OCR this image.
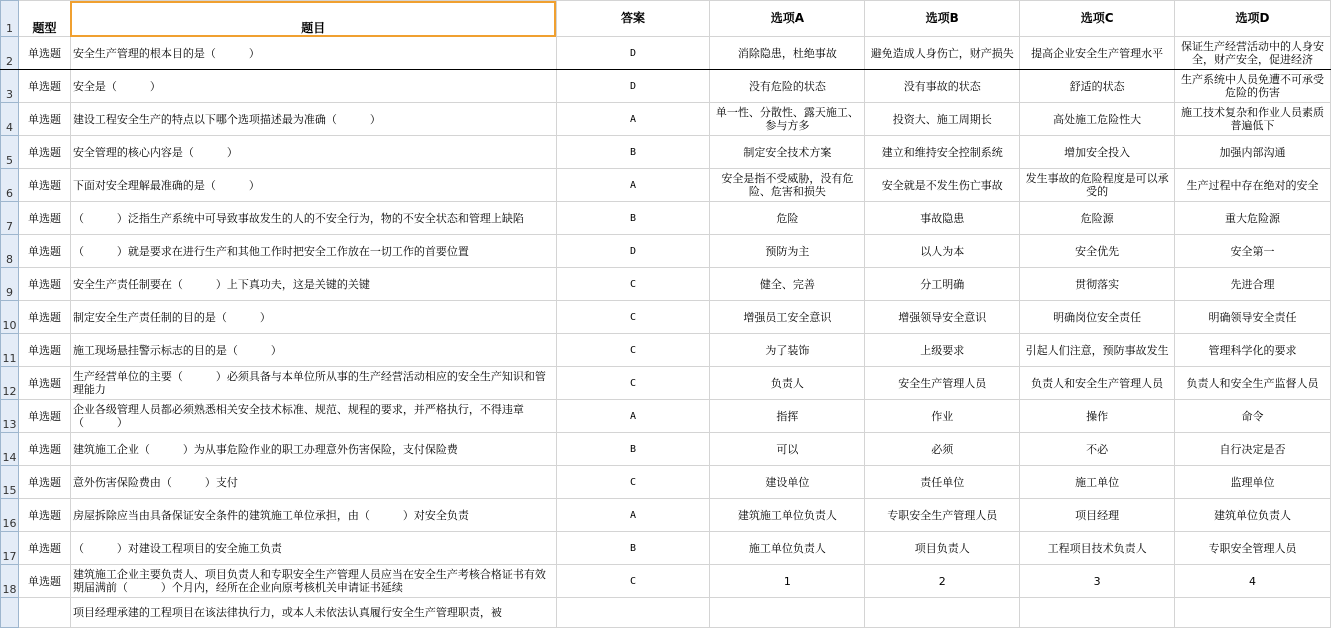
1	题型	题目	答案	选项A	选项B	选项C	选项D
2	单选题	安全生产管理的根本目的是（　　　）	D	消除隐患，杜绝事故	避免造成人身伤亡，财产损失	提高企业安全生产管理水平	保证生产经营活动中的人身安全，财产安全，促进经济
3	单选题	安全是（　　　）	D	没有危险的状态	没有事故的状态	舒适的状态	生产系统中人员免遭不可承受危险的伤害
4	单选题	建设工程安全生产的特点以下哪个选项描述最为准确（　　　）	A	单一性、分散性、露天施工、参与方多	投资大、施工周期长	高处施工危险性大	施工技术复杂和作业人员素质普遍低下
5	单选题	安全管理的核心内容是（　　　）	B	制定安全技术方案	建立和维持安全控制系统	增加安全投入	加强内部沟通
6	单选题	下面对安全理解最准确的是（　　　）	A	安全是指不受威胁，没有危险、危害和损失	安全就是不发生伤亡事故	发生事故的危险程度是可以承受的	生产过程中存在绝对的安全
7	单选题	（　　　）泛指生产系统中可导致事故发生的人的不安全行为，物的不安全状态和管理上缺陷	B	危险	事故隐患	危险源	重大危险源
8	单选题	（　　　）就是要求在进行生产和其他工作时把安全工作放在一切工作的首要位置	D	预防为主	以人为本	安全优先	安全第一
9	单选题	安全生产责任制要在（　　　）上下真功夫，这是关键的关键	C	健全、完善	分工明确	贯彻落实	先进合理
10	单选题	制定安全生产责任制的目的是（　　　）	C	增强员工安全意识	增强领导安全意识	明确岗位安全责任	明确领导安全责任
11	单选题	施工现场悬挂警示标志的目的是（　　　）	C	为了装饰	上级要求	引起人们注意，预防事故发生	管理科学化的要求
12	单选题	生产经营单位的主要（　　　）必须具备与本单位所从事的生产经营活动相应的安全生产知识和管理能力	C	负责人	安全生产管理人员	负责人和安全生产管理人员	负责人和安全生产监督人员
13	单选题	企业各级管理人员都必须熟悉相关安全技术标准、规范、规程的要求，并严格执行，不得违章（　　　）	A	指挥	作业	操作	命令
14	单选题	建筑施工企业（　　　）为从事危险作业的职工办理意外伤害保险，支付保险费	B	可以	必须	不必	自行决定是否
15	单选题	意外伤害保险费由（　　　）支付	C	建设单位	责任单位	施工单位	监理单位
16	单选题	房屋拆除应当由具备保证安全条件的建筑施工单位承担，由（　　　）对安全负责	A	建筑施工单位负责人	专职安全生产管理人员	项目经理	建筑单位负责人
17	单选题	（　　　）对建设工程项目的安全施工负责	B	施工单位负责人	项目负责人	工程项目技术负责人	专职安全管理人员
18	单选题	建筑施工企业主要负责人、项目负责人和专职安全生产管理人员应当在安全生产考核合格证书有效期届满前（　　　）个月内，经所在企业向原考核机关申请证书延续	C	1	2	3	4
		项目经理承建的工程项目在该法律执行力，或本人未依法认真履行安全生产管理职责，被					
